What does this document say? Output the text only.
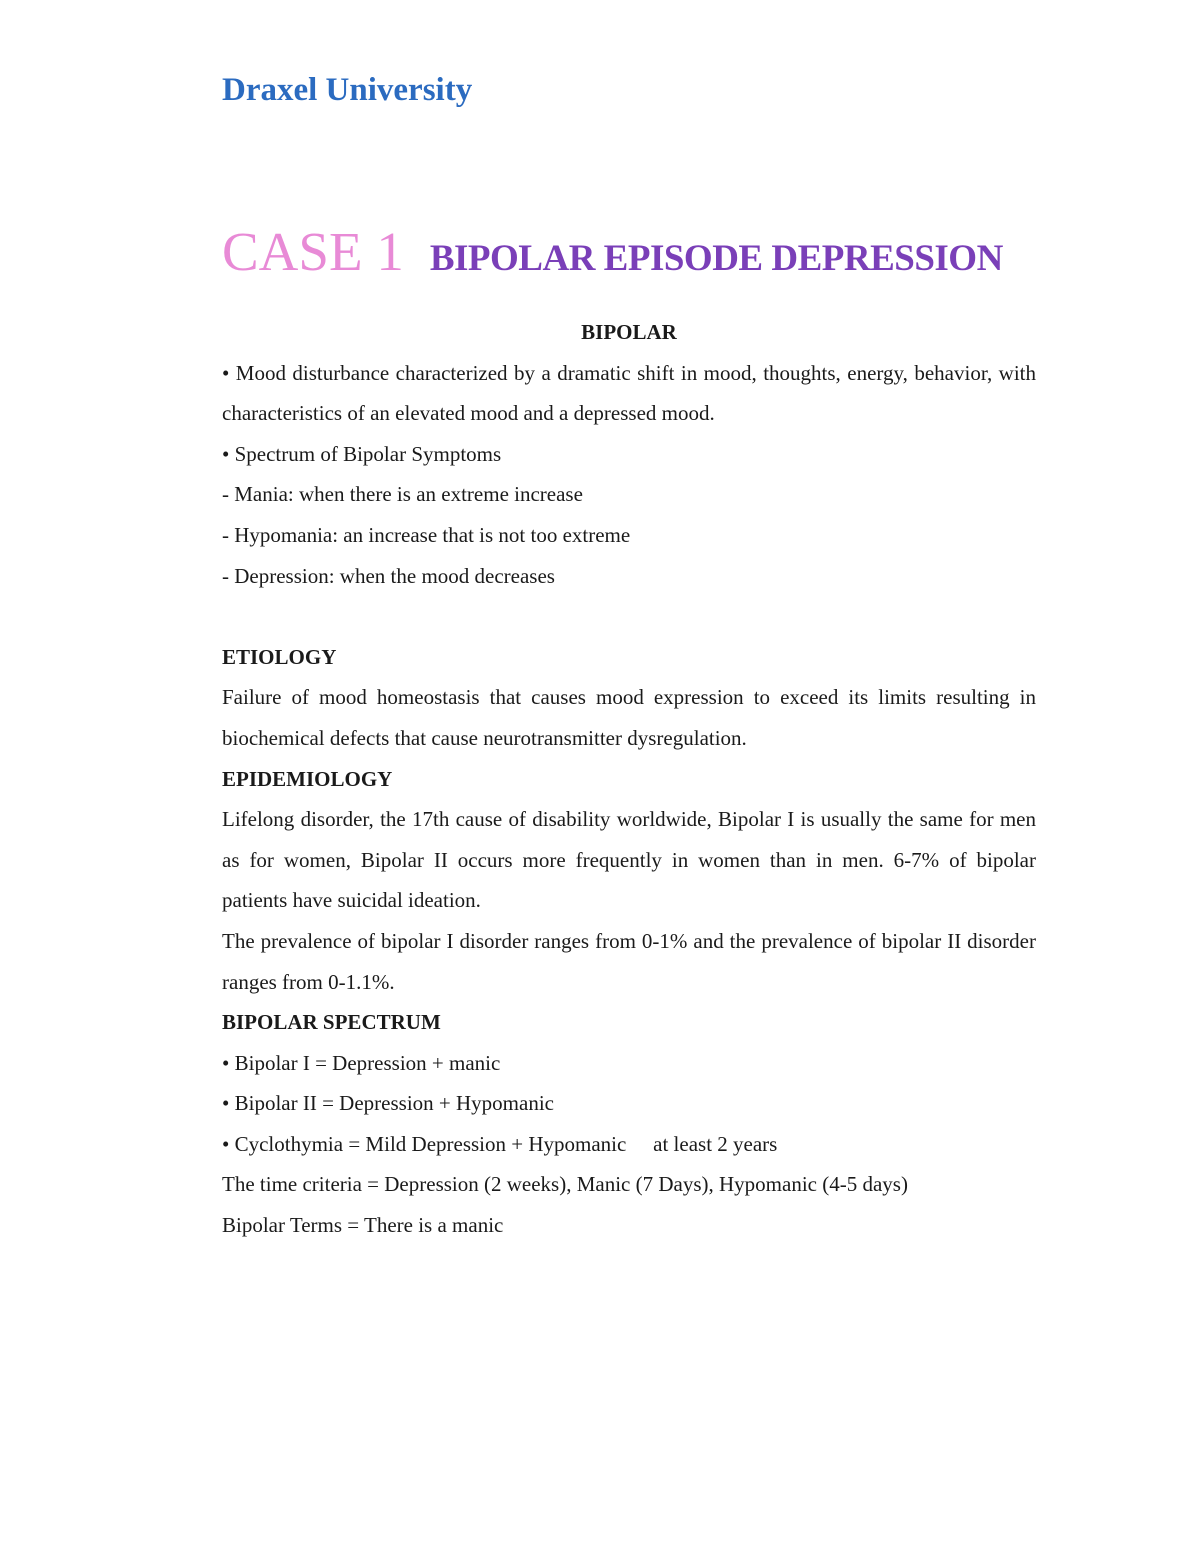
Draxel University
CASE 1 BIPOLAR EPISODE DEPRESSION

BIPOLAR

• Mood disturbance characterized by a dramatic shift in mood, thoughts, energy, behavior, with characteristics of an elevated mood and a depressed mood.

• Spectrum of Bipolar Symptoms

- Mania: when there is an extreme increase

- Hypomania: an increase that is not too extreme

- Depression: when the mood decreases

ETIOLOGY

Failure of mood homeostasis that causes mood expression to exceed its limits resulting in biochemical defects that cause neurotransmitter dysregulation.

EPIDEMIOLOGY

Lifelong disorder, the 17th cause of disability worldwide, Bipolar I is usually the same for men as for women, Bipolar II occurs more frequently in women than in men. 6-7% of bipolar patients have suicidal ideation.

The prevalence of bipolar I disorder ranges from 0-1% and the prevalence of bipolar II disorder ranges from 0-1.1%.

BIPOLAR SPECTRUM

• Bipolar I = Depression + manic

• Bipolar II = Depression + Hypomanic

• Cyclothymia = Mild Depression + Hypomanic at least 2 years

The time criteria = Depression (2 weeks), Manic (7 Days), Hypomanic (4-5 days)

Bipolar Terms = There is a manic
